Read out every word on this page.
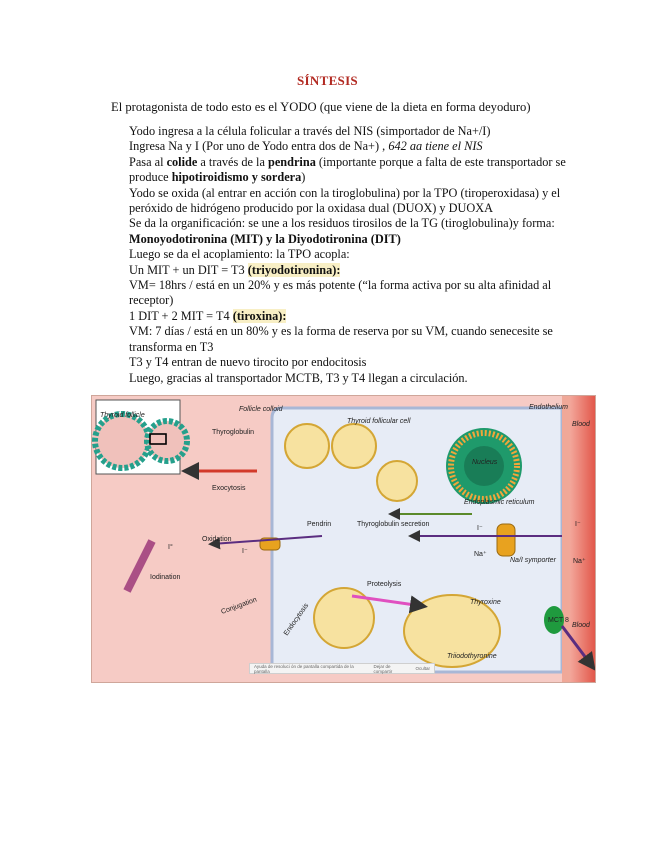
SÍNTESIS
El protagonista de todo esto es el YODO (que viene de la dieta en forma deyoduro)
Yodo ingresa a la célula folicular a través del NIS (simportador de Na+/I)
Ingresa Na y I (Por uno de Yodo entra dos de Na+) , 642 aa tiene el NIS
Pasa al colide a través de la pendrina (importante porque a falta de este transportador se produce hipotiroidismo y sordera)
Yodo se oxida (al entrar en acción con la tiroglobulina) por la TPO (tiroperoxidasa) y el peróxido de hidrógeno producido por la oxidasa dual (DUOX) y DUOXA
Se da la organificación: se une a los residuos tirosilos de la TG (tiroglobulina)y forma: Monoyodotironina (MIT) y la Diyodotironina (DIT)
Luego se da el acoplamiento: la TPO acopla:
Un MIT + un DIT = T3 (triyodotironina):
VM= 18hrs / está en un 20% y es más potente (“la forma activa por su alta afinidad al receptor)
1 DIT + 2 MIT = T4 (tiroxina):
VM: 7 días / está en un 80% y es la forma de reserva por su VM, cuando senecesite se transforma en T3
T3 y T4 entran de nuevo tirocito por endocitosis
Luego, gracias al transportador MCTB, T3 y T4 llegan a circulación.
Thyroid follicle
Nucleus
Follicle colloid
Thyroid follicular cell
Endothelium
Blood
Blood
Thyroglobulin
Exocytosis
Endoplasmic reticulum
Pendrin	Thyroglobulin secretion
Oxidation
I⁻
I⁻
I⁻
I°
Na⁺
Na⁺
Na/I symporter
Iodination
Conjugation	Endocytosis
Proteolysis
Thyroxine
Triiodothyronine
MCT 8
Ayuda de resoluci ón de pantalla compartida de la pantalla
Dejar de compartir	Ocultar
